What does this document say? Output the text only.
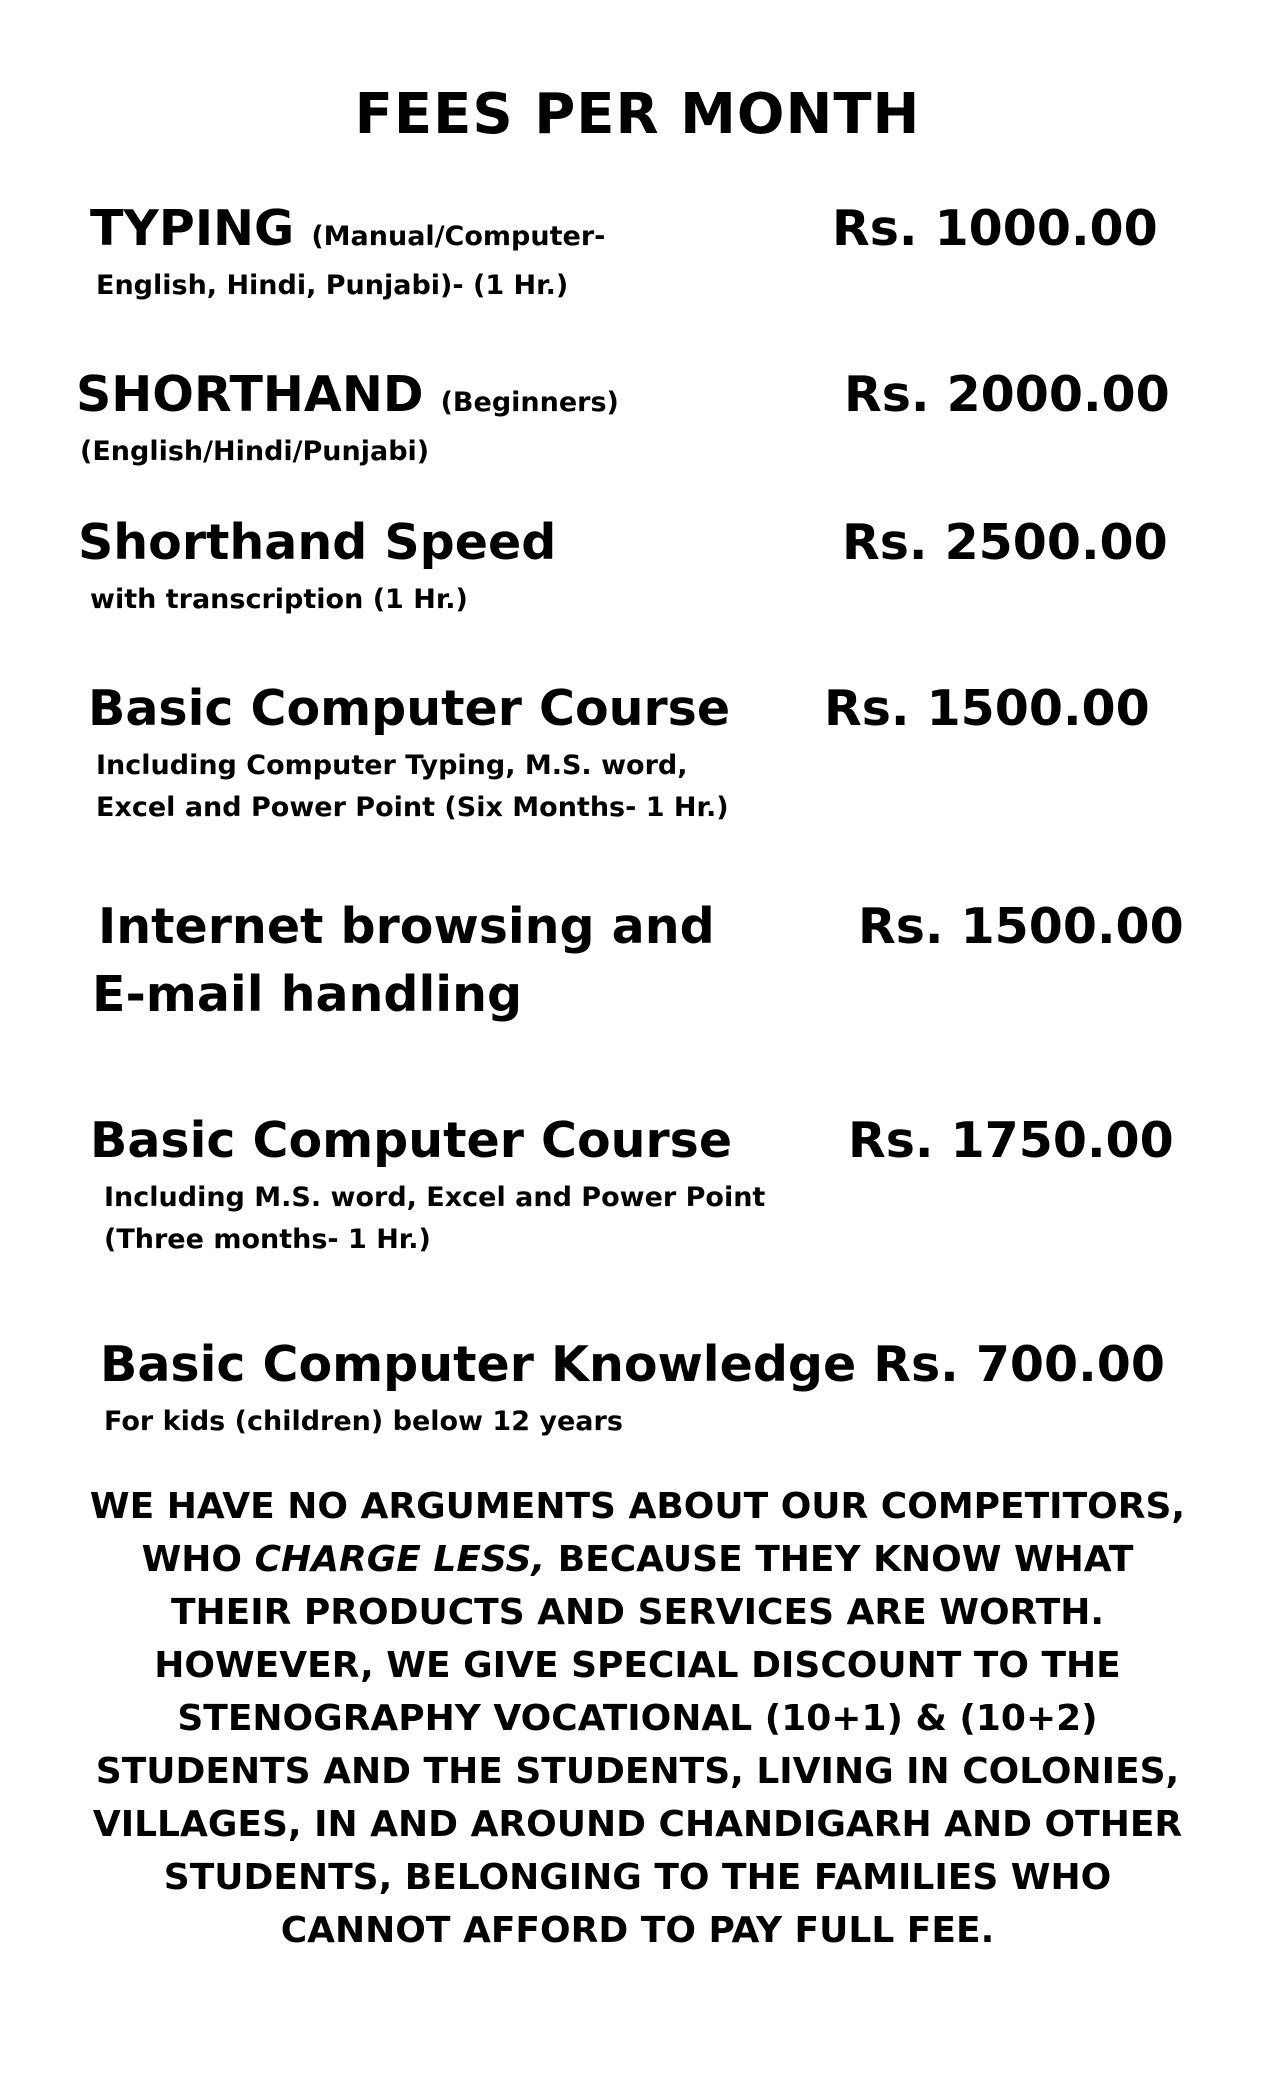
FEES PER MONTH
TYPING (Manual/Computer-
English, Hindi, Punjabi)- (1 Hr.)
Rs. 1000.00
SHORTHAND (Beginners)
(English/Hindi/Punjabi)
Rs. 2000.00
Shorthand Speed
with transcription (1 Hr.)
Rs. 2500.00
Basic Computer Course
Including Computer Typing, M.S. word,
Excel and Power Point (Six Months- 1 Hr.)
Rs. 1500.00
Internet browsing and
E-mail handling
Rs. 1500.00
Basic Computer Course
Including M.S. word, Excel and Power Point
(Three months- 1 Hr.)
Rs. 1750.00
Basic Computer Knowledge Rs. 700.00
For kids (children) below 12 years
WE HAVE NO ARGUMENTS ABOUT OUR COMPETITORS,
WHO CHARGE LESS, BECAUSE THEY KNOW WHAT
THEIR PRODUCTS AND SERVICES ARE WORTH.
HOWEVER, WE GIVE SPECIAL DISCOUNT TO THE
STENOGRAPHY VOCATIONAL (10+1) & (10+2)
STUDENTS AND THE STUDENTS, LIVING IN COLONIES,
VILLAGES, IN AND AROUND CHANDIGARH AND OTHER
STUDENTS, BELONGING TO THE FAMILIES WHO
CANNOT AFFORD TO PAY FULL FEE.
